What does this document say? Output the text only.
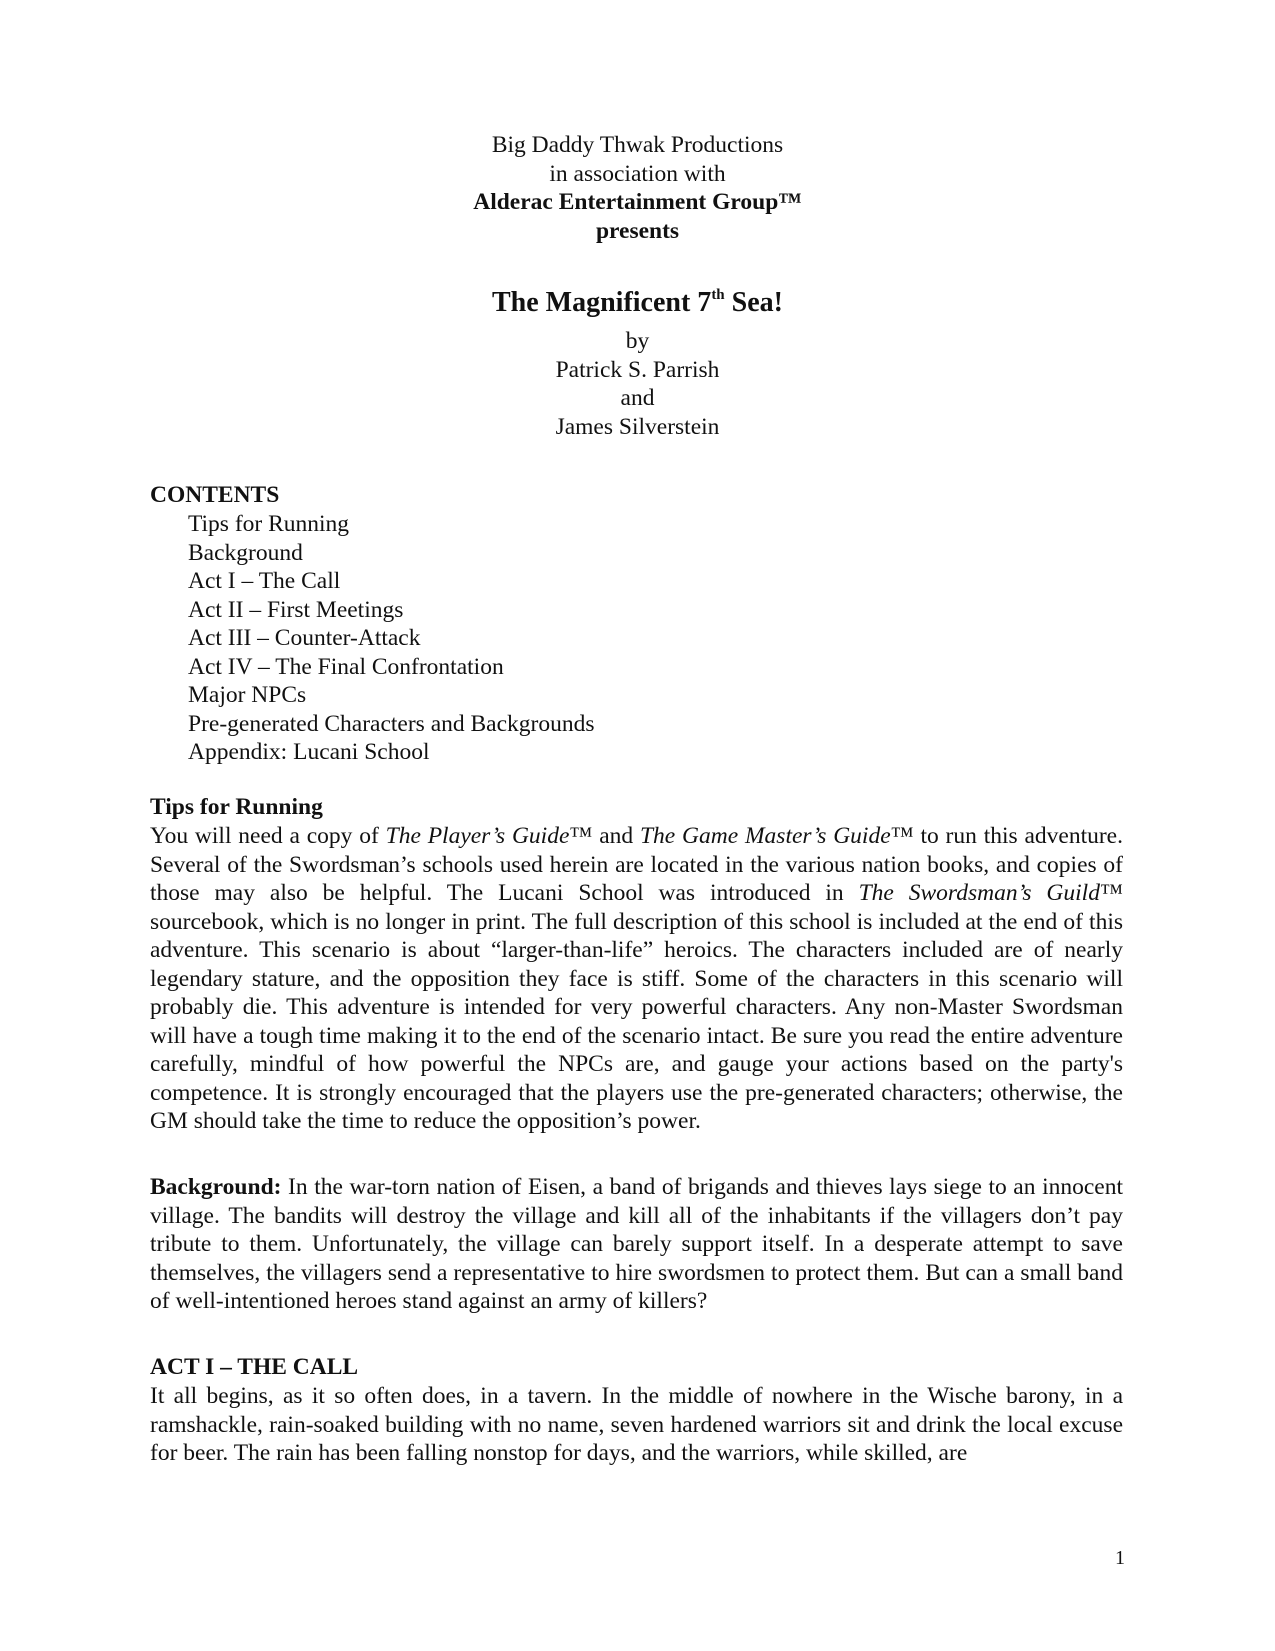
Big Daddy Thwak Productions
in association with
Alderac Entertainment Group™
presents
The Magnificent 7th Sea!
by
Patrick S. Parrish
and
James Silverstein
CONTENTS
Tips for Running
Background
Act I – The Call
Act II – First Meetings
Act III – Counter-Attack
Act IV – The Final Confrontation
Major NPCs
Pre-generated Characters and Backgrounds
Appendix: Lucani School
Tips for Running

You will need a copy of The Player’s Guide™ and The Game Master’s Guide™ to run this adventure. Several of the Swordsman’s schools used herein are located in the various nation books, and copies of those may also be helpful. The Lucani School was introduced in The Swordsman’s Guild™ sourcebook, which is no longer in print. The full description of this school is included at the end of this adventure. This scenario is about “larger-than-life” heroics. The characters included are of nearly legendary stature, and the opposition they face is stiff. Some of the characters in this scenario will probably die. This adventure is intended for very powerful characters. Any non-Master Swordsman will have a tough time making it to the end of the scenario intact. Be sure you read the entire adventure carefully, mindful of how powerful the NPCs are, and gauge your actions based on the party's competence. It is strongly encouraged that the players use the pre-generated characters; otherwise, the GM should take the time to reduce the opposition’s power.

Background: In the war-torn nation of Eisen, a band of brigands and thieves lays siege to an innocent village. The bandits will destroy the village and kill all of the inhabitants if the villagers don’t pay tribute to them. Unfortunately, the village can barely support itself. In a desperate attempt to save themselves, the villagers send a representative to hire swordsmen to protect them. But can a small band of well-intentioned heroes stand against an army of killers?

ACT I – THE CALL

It all begins, as it so often does, in a tavern. In the middle of nowhere in the Wische barony, in a ramshackle, rain-soaked building with no name, seven hardened warriors sit and drink the local excuse for beer. The rain has been falling nonstop for days, and the warriors, while skilled, are

1
